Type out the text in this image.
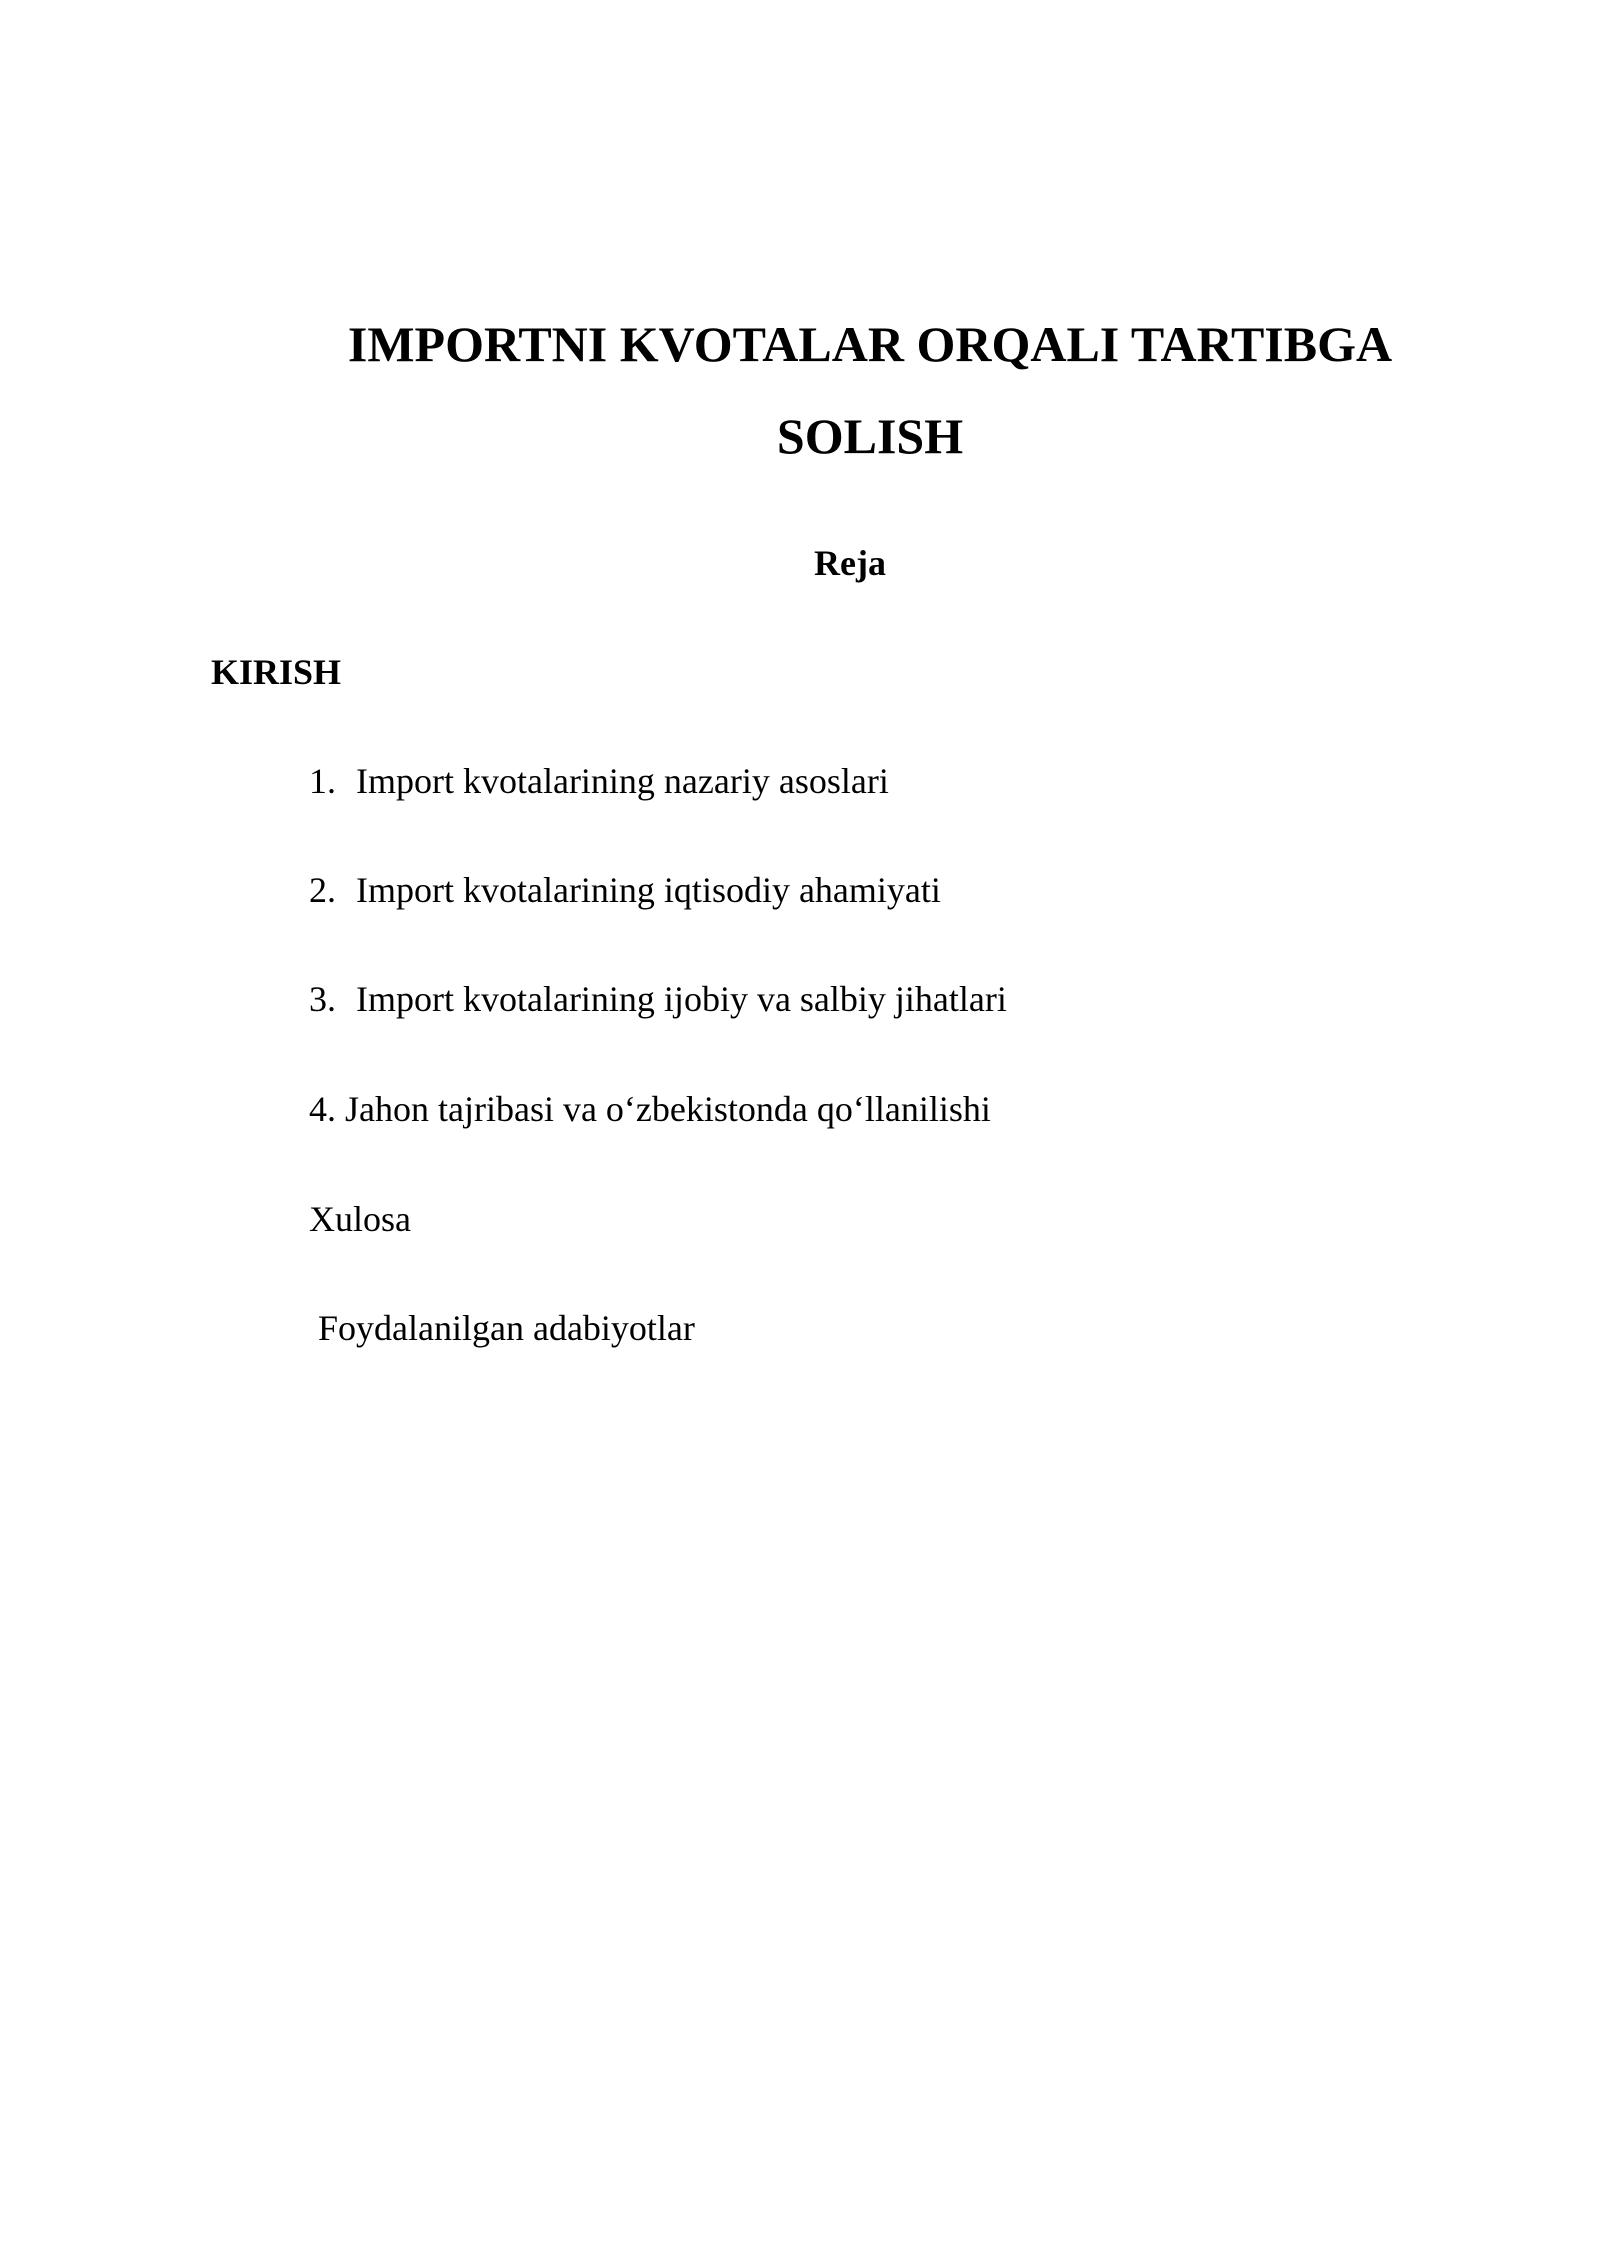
IMPORTNI KVOTALAR ORQALI TARTIBGA
SOLISH

Reja

KIRISH

1. Import kvotalarining nazariy asoslari

2. Import kvotalarining iqtisodiy ahamiyati

3. Import kvotalarining ijobiy va salbiy jihatlari

4. Jahon tajribasi va o‘zbekistonda qo‘llanilishi

Xulosa

Foydalanilgan adabiyotlar
